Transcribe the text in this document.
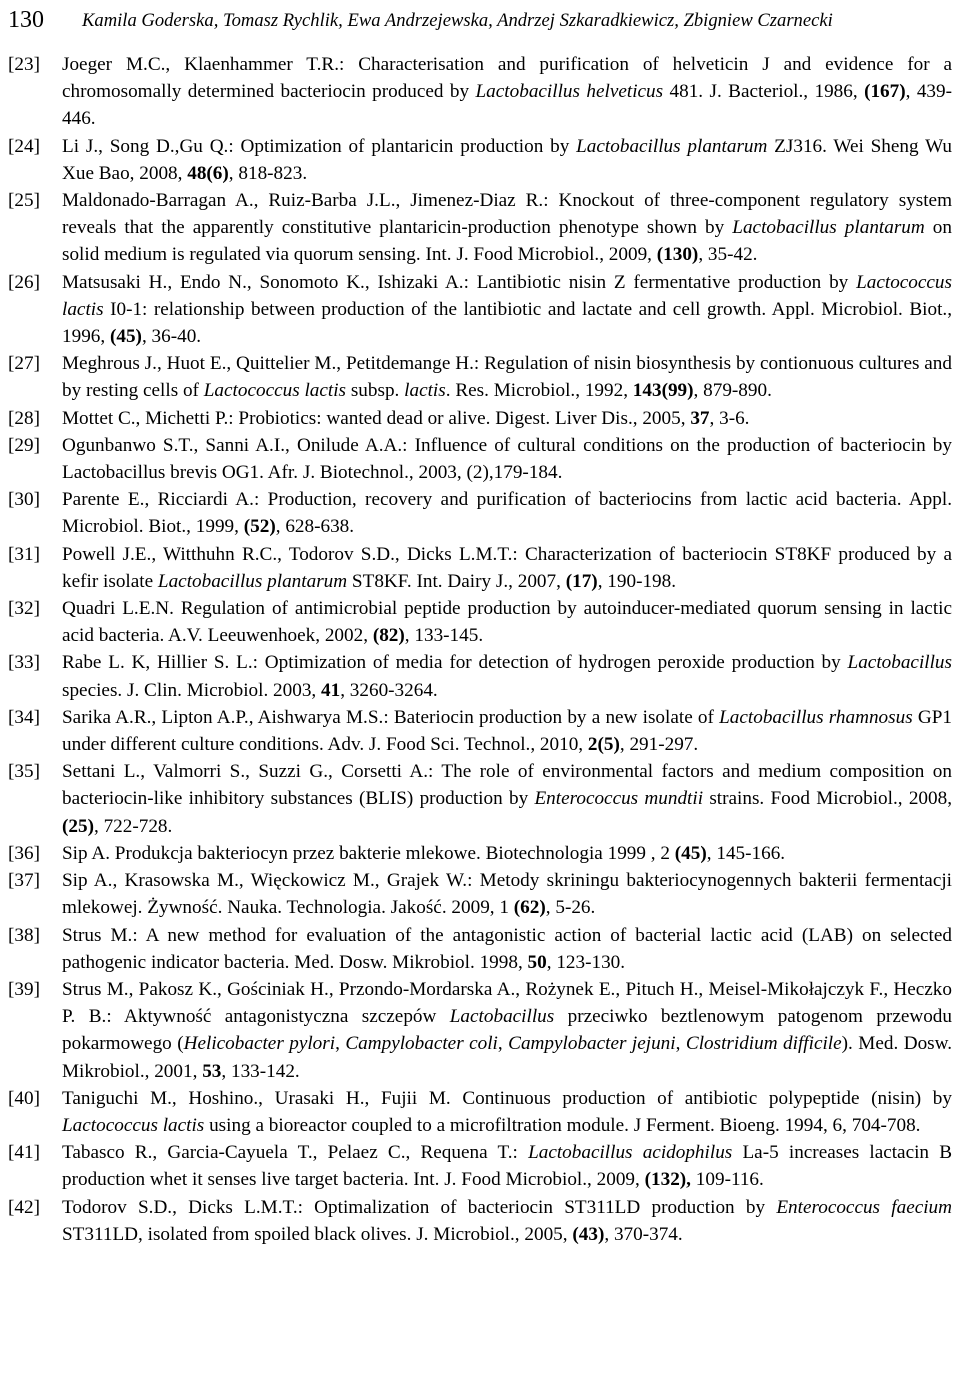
130 Kamila Goderska, Tomasz Rychlik, Ewa Andrzejewska, Andrzej Szkaradkiewicz, Zbigniew Czarnecki
[23] Joeger M.C., Klaenhammer T.R.: Characterisation and purification of helveticin J and evidence for a chromosomally determined bacteriocin produced by Lactobacillus helveticus 481. J. Bacteriol., 1986, (167), 439-446.
[24] Li J., Song D.,Gu Q.: Optimization of plantaricin production by Lactobacillus plantarum ZJ316. Wei Sheng Wu Xue Bao, 2008, 48(6), 818-823.
[25] Maldonado-Barragan A., Ruiz-Barba J.L., Jimenez-Diaz R.: Knockout of three-component regulatory system reveals that the apparently constitutive plantaricin-production phenotype shown by Lactobacillus plantarum on solid medium is regulated via quorum sensing. Int. J. Food Microbiol., 2009, (130), 35-42.
[26] Matsusaki H., Endo N., Sonomoto K., Ishizaki A.: Lantibiotic nisin Z fermentative production by Lactococcus lactis I0-1: relationship between production of the lantibiotic and lactate and cell growth. Appl. Microbiol. Biot., 1996, (45), 36-40.
[27] Meghrous J., Huot E., Quittelier M., Petitdemange H.: Regulation of nisin biosynthesis by contionuous cultures and by resting cells of Lactococcus lactis subsp. lactis. Res. Microbiol., 1992, 143(99), 879-890.
[28] Mottet C., Michetti P.: Probiotics: wanted dead or alive. Digest. Liver Dis., 2005, 37, 3-6.
[29] Ogunbanwo S.T., Sanni A.I., Onilude A.A.: Influence of cultural conditions on the production of bacteriocin by Lactobacillus brevis OG1. Afr. J. Biotechnol., 2003, (2),179-184.
[30] Parente E., Ricciardi A.: Production, recovery and purification of bacteriocins from lactic acid bacteria. Appl. Microbiol. Biot., 1999, (52), 628-638.
[31] Powell J.E., Witthuhn R.C., Todorov S.D., Dicks L.M.T.: Characterization of bacteriocin ST8KF produced by a kefir isolate Lactobacillus plantarum ST8KF. Int. Dairy J., 2007, (17), 190-198.
[32] Quadri L.E.N. Regulation of antimicrobial peptide production by autoinducer-mediated quorum sensing in lactic acid bacteria. A.V. Leeuwenhoek, 2002, (82), 133-145.
[33] Rabe L. K, Hillier S. L.: Optimization of media for detection of hydrogen peroxide production by Lactobacillus species. J. Clin. Microbiol. 2003, 41, 3260-3264.
[34] Sarika A.R., Lipton A.P., Aishwarya M.S.: Bateriocin production by a new isolate of Lactobacillus rhamnosus GP1 under different culture conditions. Adv. J. Food Sci. Technol., 2010, 2(5), 291-297.
[35] Settani L., Valmorri S., Suzzi G., Corsetti A.: The role of environmental factors and medium composition on bacteriocin-like inhibitory substances (BLIS) production by Enterococcus mundtii strains. Food Microbiol., 2008, (25), 722-728.
[36] Sip A. Produkcja bakteriocyn przez bakterie mlekowe. Biotechnologia 1999 , 2 (45), 145-166.
[37] Sip A., Krasowska M., Więckowicz M., Grajek W.: Metody skriningu bakteriocynogennych bakterii fermentacji mlekowej. Żywność. Nauka. Technologia. Jakość. 2009, 1 (62), 5-26.
[38] Strus M.: A new method for evaluation of the antagonistic action of bacterial lactic acid (LAB) on selected pathogenic indicator bacteria. Med. Dosw. Mikrobiol. 1998, 50, 123-130.
[39] Strus M., Pakosz K., Gościniak H., Przondo-Mordarska A., Rożynek E., Pituch H., Meisel-Mikołajczyk F., Heczko P. B.: Aktywność antagonistyczna szczepów Lactobacillus przeciwko beztlenowym patogenom przewodu pokarmowego (Helicobacter pylori, Campylobacter coli, Campylobacter jejuni, Clostridium difficile). Med. Dosw. Mikrobiol., 2001, 53, 133-142.
[40] Taniguchi M., Hoshino., Urasaki H., Fujii M. Continuous production of antibiotic polypeptide (nisin) by Lactococcus lactis using a bioreactor coupled to a microfiltration module. J Ferment. Bioeng. 1994, 6, 704-708.
[41] Tabasco R., Garcia-Cayuela T., Pelaez C., Requena T.: Lactobacillus acidophilus La-5 increases lactacin B production whet it senses live target bacteria. Int. J. Food Microbiol., 2009, (132), 109-116.
[42] Todorov S.D., Dicks L.M.T.: Optimalization of bacteriocin ST311LD production by Enterococcus faecium ST311LD, isolated from spoiled black olives. J. Microbiol., 2005, (43), 370-374.
